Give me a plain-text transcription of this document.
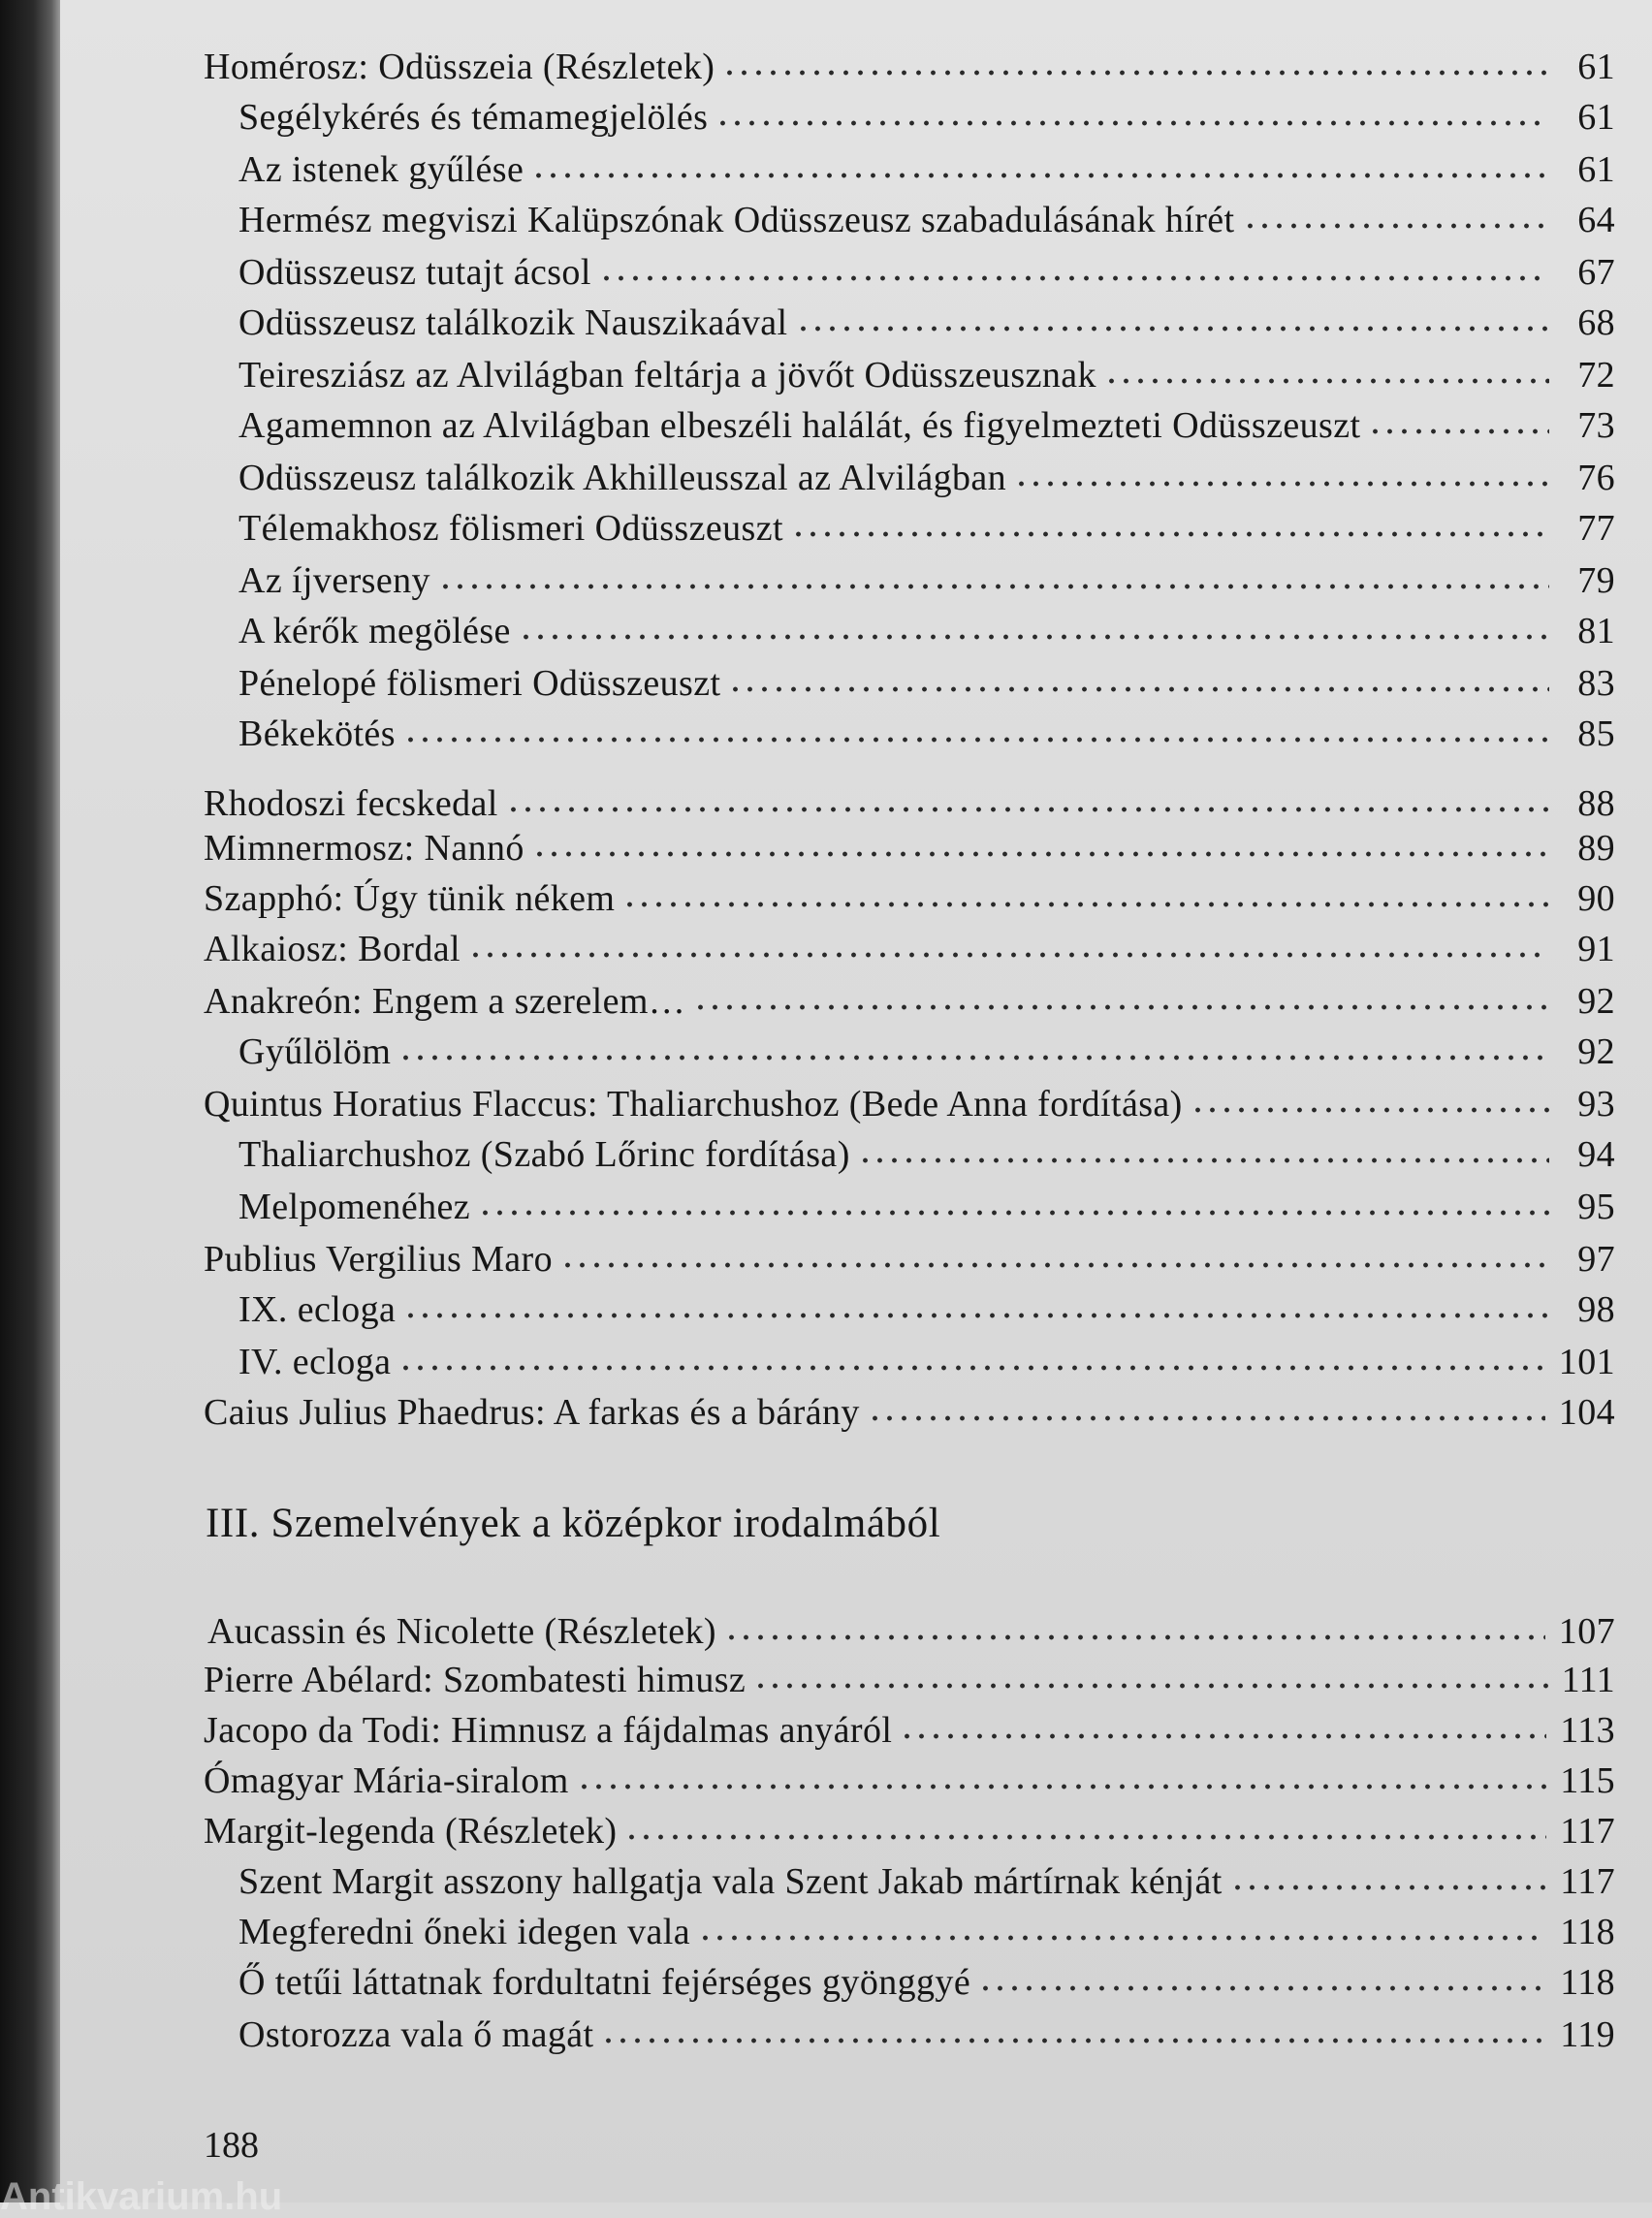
Homérosz: Odüsszeia (Részletek)	61
Segélykérés és témamegjelölés	61
Az istenek gyűlése	61
Hermész megviszi Kalüpszónak Odüsszeusz szabadulásának hírét	64
Odüsszeusz tutajt ácsol	67
Odüsszeusz találkozik Nauszikaával	68
Teiresziász az Alvilágban feltárja a jövőt Odüsszeusznak	72
Agamemnon az Alvilágban elbeszéli halálát, és figyelmezteti Odüsszeuszt	73
Odüsszeusz találkozik Akhilleusszal az Alvilágban	76
Télemakhosz fölismeri Odüsszeuszt	77
Az íjverseny	79
A kérők megölése	81
Pénelopé fölismeri Odüsszeuszt	83
Békekötés	85
Rhodoszi fecskedal	88
Mimnermosz: Nannó	89
Szapphó: Úgy tünik nékem	90
Alkaiosz: Bordal	91
Anakreón: Engem a szerelem…	92
Gyűlölöm	92
Quintus Horatius Flaccus: Thaliarchushoz (Bede Anna fordítása)	93
Thaliarchushoz (Szabó Lőrinc fordítása)	94
Melpomenéhez	95
Publius Vergilius Maro	97
IX. ecloga	98
IV. ecloga	101
Caius Julius Phaedrus: A farkas és a bárány	104
III. Szemelvények a középkor irodalmából
Aucassin és Nicolette (Részletek)	107
Pierre Abélard: Szombatesti himusz	111
Jacopo da Todi: Himnusz a fájdalmas anyáról	113
Ómagyar Mária-siralom	115
Margit-legenda (Részletek)	117
Szent Margit asszony hallgatja vala Szent Jakab mártírnak kénját	117
Megferedni őneki idegen vala	118
Ő tetűi láttatnak fordultatni fejérséges gyönggyé	118
Ostorozza vala ő magát	119
188
Antikvarium.hu
